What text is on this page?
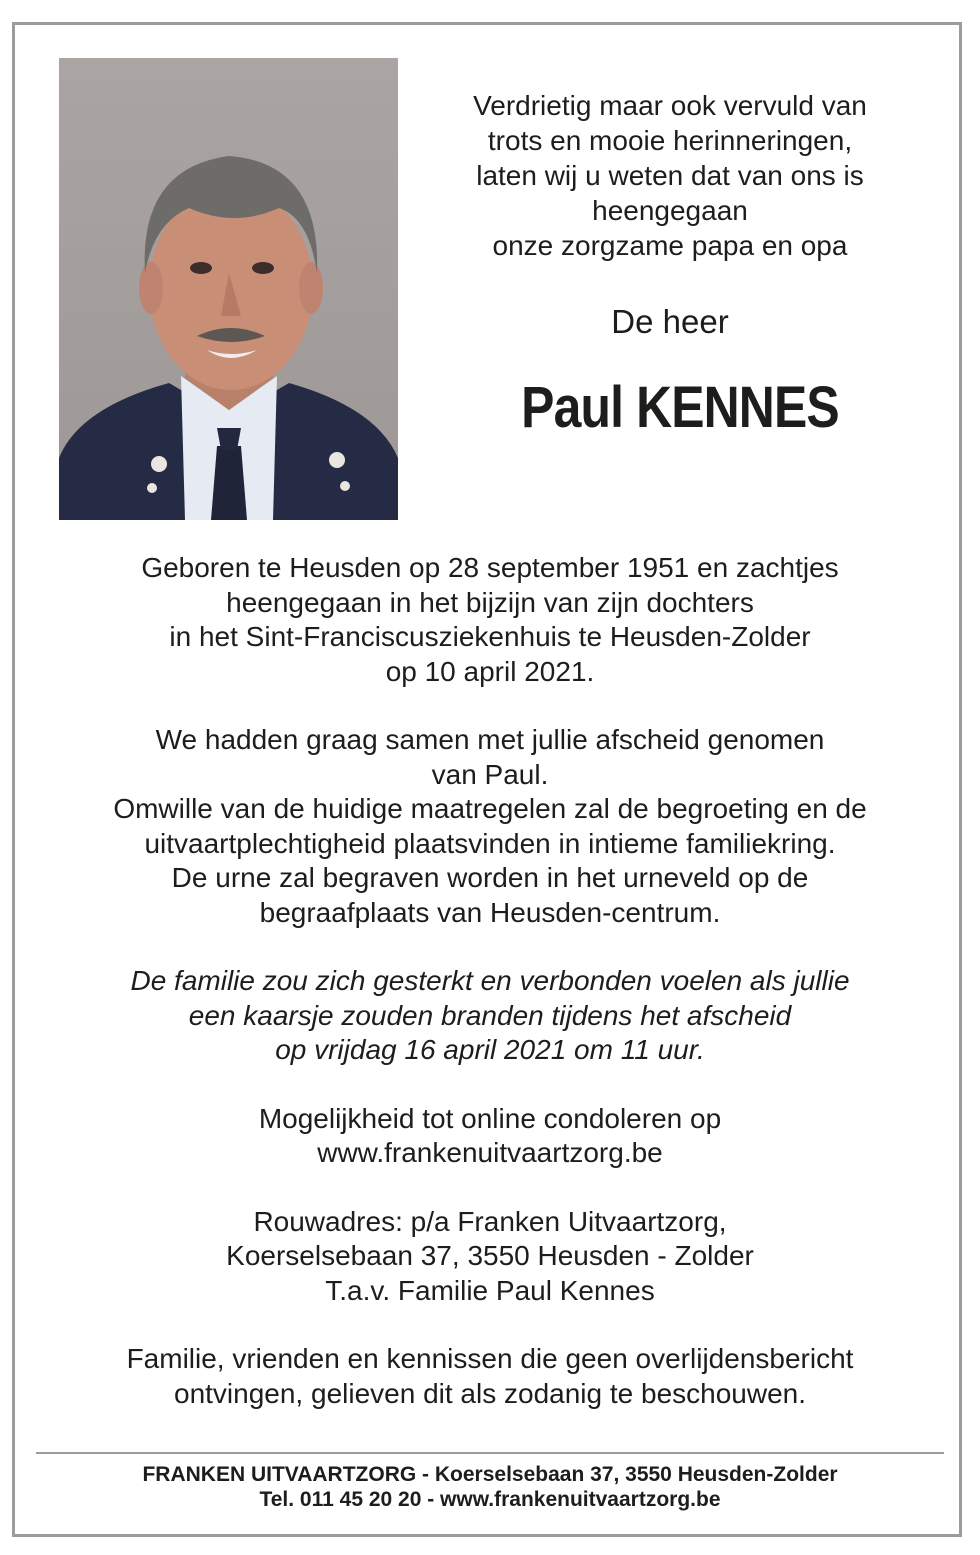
Verdrietig maar ook vervuld van

trots en mooie herinneringen,

laten wij u weten dat van ons is

heengegaan

onze zorgzame papa en opa

De heer
Paul KENNES

Geboren te Heusden op 28 september 1951 en zachtjes

heengegaan in het bijzijn van zijn dochters

in het Sint-Franciscusziekenhuis te Heusden-Zolder

op 10 april 2021.

We hadden graag samen met jullie afscheid genomen

van Paul.

Omwille van de huidige maatregelen zal de begroeting en de

uitvaartplechtigheid plaatsvinden in intieme familiekring.

De urne zal begraven worden in het urneveld op de

begraafplaats van Heusden-centrum.

De familie zou zich gesterkt en verbonden voelen als jullie

een kaarsje zouden branden tijdens het afscheid

op vrijdag 16 april 2021 om 11 uur.

Mogelijkheid tot online condoleren op

www.frankenuitvaartzorg.be

Rouwadres: p/a Franken Uitvaartzorg,

Koerselsebaan 37, 3550 Heusden - Zolder

T.a.v. Familie Paul Kennes

Familie, vrienden en kennissen die geen overlijdensbericht

ontvingen, gelieven dit als zodanig te beschouwen.

FRANKEN UITVAARTZORG - Koerselsebaan 37, 3550 Heusden-Zolder

Tel. 011 45 20 20 - www.frankenuitvaartzorg.be
